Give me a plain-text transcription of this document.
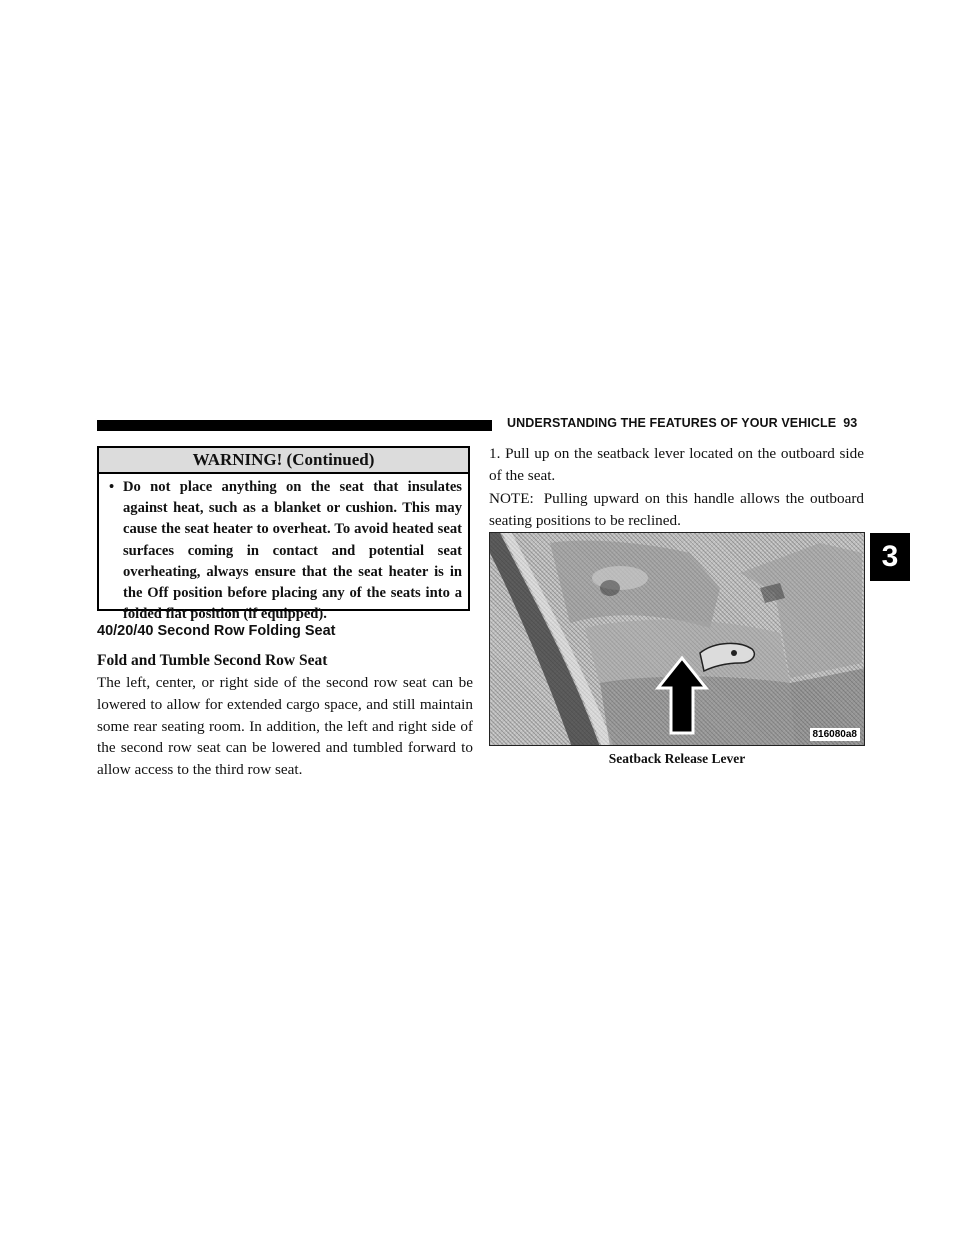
UNDERSTANDING THE FEATURES OF YOUR VEHICLE 93
3
WARNING! (Continued)
• Do not place anything on the seat that insulates against heat, such as a blanket or cushion. This may cause the seat heater to overheat. To avoid heated seat surfaces coming in contact and potential seat overheating, always ensure that the seat heater is in the Off position before placing any of the seats into a folded flat position (if equipped).
40/20/40 Second Row Folding Seat
Fold and Tumble Second Row Seat
The left, center, or right side of the second row seat can be lowered to allow for extended cargo space, and still maintain some rear seating room. In addition, the left and right side of the second row seat can be lowered and tumbled forward to allow access to the third row seat.
1. Pull up on the seatback lever located on the outboard side of the seat.
NOTE: Pulling upward on this handle allows the outboard seating positions to be reclined.
816080a8
Seatback Release Lever
